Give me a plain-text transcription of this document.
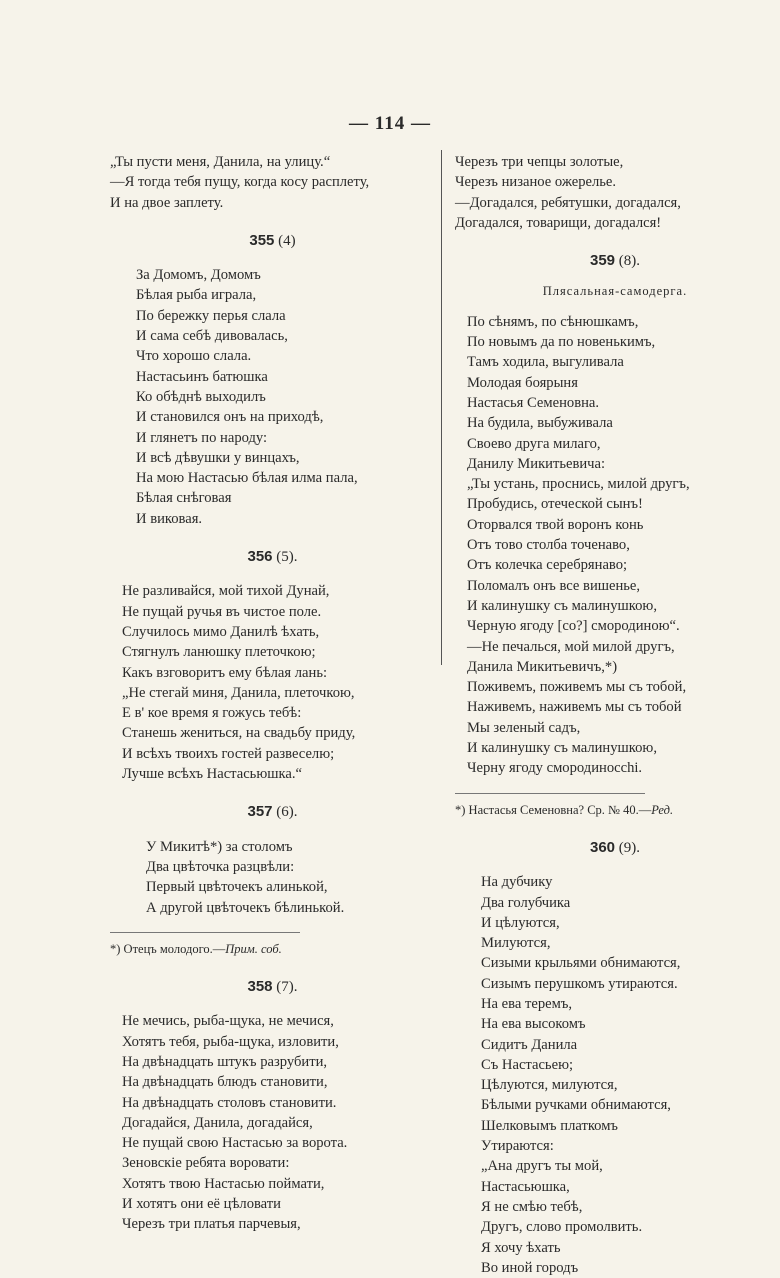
— 114 —
„Ты пусти меня, Данила, на улицу.“
—Я тогда тебя пущу, когда косу расплету,
И на двое заплету.
355 (4)
За Домомъ, Домомъ
Бѣлая рыба играла,
По бережку перья слала
И сама себѣ дивовалась,
Что хорошо слала.
Настасьинъ батюшка
Ко обѣднѣ выходилъ
И становился онъ на приходѣ,
И глянетъ по народу:
И всѣ дѣвушки у винцахъ,
На мою Настасью бѣлая илма пала,
Бѣлая снѣговая
И виковая.
356 (5).
Не разливайся, мой тихой Дунай,
Не пущай ручья въ чистое поле.
Случилось мимо Данилѣ ѣхать,
Стягнулъ ланюшку плеточкою;
Какъ взговоритъ ему бѣлая лань:
„Не стегай миня, Данила, плеточкою,
Е в' кое время я гожусь тебѣ:
Станешь жениться, на свадьбу приду,
И всѣхъ твоихъ гостей развеселю;
Лучше всѣхъ Настасьюшка.“
357 (6).
У Микитѣ*) за столомъ
Два цвѣточка разцвѣли:
Первый цвѣточекъ алинькой,
А другой цвѣточекъ бѣлинькой.
*) Отецъ молодого.—Прим. соб.
358 (7).
Не мечись, рыба-щука, не мечися,
Хотятъ тебя, рыба-щука, изловити,
На двѣнадцать штукъ разрубити,
На двѣнадцать блюдъ становити,
На двѣнадцать столовъ становити.
Догадайся, Данила, догадайся,
Не пущай свою Настасью за ворота.
Зеновскіе ребята воровати:
Хотятъ твою Настасью поймати,
И хотятъ они её цѣловати
Черезъ три платья парчевыя,
Черезъ три чепцы золотые,
Черезъ низаное ожерелье.
—Догадался, ребятушки, догадался,
Догадался, товарищи, догадался!
359 (8).
Плясальная-самодерга.
По сѣнямъ, по сѣнюшкамъ,
По новымъ да по новенькимъ,
Тамъ ходила, выгуливала
Молодая боярыня
Настасья Семеновна.
На будила, выбуживала
Своево друга милаго,
Данилу Микитьевича:
„Ты устань, проснись, милой другъ,
Пробудись, отеческой сынъ!
Оторвался твой воронъ конь
Отъ тово столба точенаво,
Отъ колечка серебрянаво;
Поломалъ онъ все вишенье,
И калинушку съ малинушкою,
Черную ягоду [со?] смородиною“.
—Не печалься, мой милой другъ,
Данила Микитьевичъ,*)
Поживемъ, поживемъ мы съ тобой,
Наживемъ, наживемъ мы съ тобой
Мы зеленый садъ,
И калинушку съ малинушкою,
Черну ягоду смородинocchi.
*) Настасья Семеновна? Ср. № 40.—Ред.
360 (9).
На дубчику
Два голубчика
И цѣлуются,
Милуются,
Сизыми крыльями обнимаются,
Сизымъ перушкомъ утираются.
На ева теремъ,
На ева высокомъ
Сидитъ Данила
Съ Настасьею;
Цѣлуются, милуются,
Бѣлыми ручками обнимаются,
Шелковымъ платкомъ
Утираются:
„Ана другъ ты мой,
Настасьюшка,
Я не смѣю тебѣ,
Другъ, слово промолвить.
Я хочу ѣхать
Во иной городъ
